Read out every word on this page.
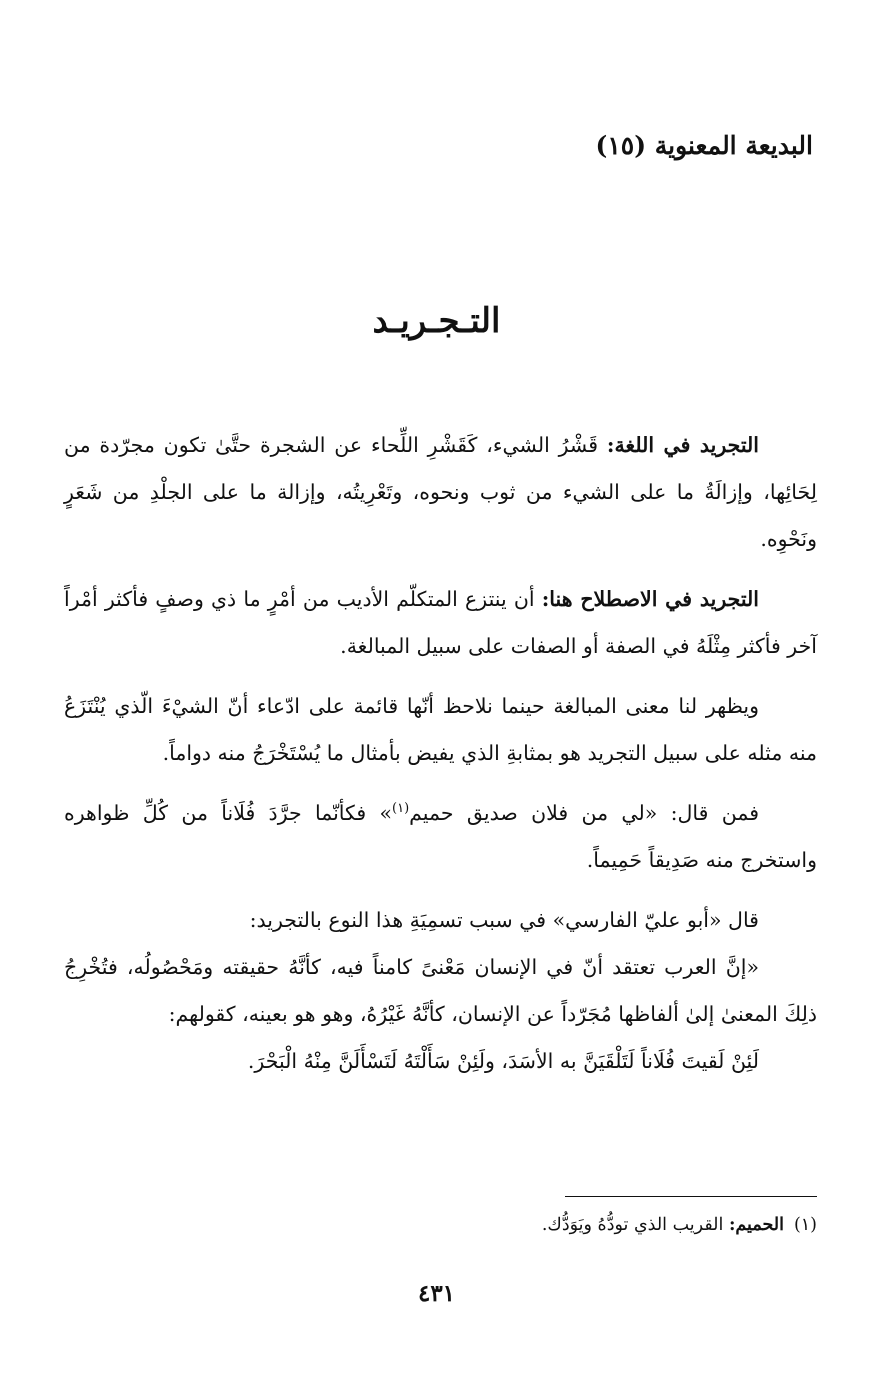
البديعة المعنوية (١٥)
التـجـريـد

التجريد في اللغة: قَشْرُ الشيء، كَقَشْرِ اللِّحاء عن الشجرة حتَّىٰ تكون مجرّدة من لِحَائِها، وإزالَةُ ما على الشيء من ثوب ونحوه، وتَعْرِيتُه، وإزالة ما على الجلْدِ من شَعَرٍ ونَحْوِه.

التجريد في الاصطلاح هنا: أن ينتزع المتكلّم الأديب من أمْرٍ ما ذي وصفٍ فأكثر أمْراً آخر فأكثر مِثْلَهُ في الصفة أو الصفات على سبيل المبالغة.

ويظهر لنا معنى المبالغة حينما نلاحظ أنّها قائمة على ادّعاء أنّ الشيْءَ الّذي يُنْتَزَعُ منه مثله على سبيل التجريد هو بمثابةِ الذي يفيض بأمثال ما يُسْتَخْرَجُ منه دواماً.

فمن قال: «لي من فلان صديق حميم$^{(١)}$» فكأنّما جرَّدَ فُلَاناً من كُلِّ ظواهره واستخرج منه صَدِيقاً حَمِيماً.

قال «أبو عليّ الفارسي» في سبب تسمِيَةِ هذا النوع بالتجريد:

«إنَّ العرب تعتقد أنّ في الإنسان مَعْنىً كامناً فيه، كأنَّهُ حقيقته ومَحْصُولُه، فتُخْرِجُ ذلِكَ المعنىٰ إلىٰ ألفاظها مُجَرّداً عن الإنسان، كأنَّهُ غَيْرُهُ، وهو هو بعينه، كقولهم:

لَئِنْ لَقيتَ فُلَاناً لَتَلْقَيَنَّ به الأسَدَ، ولَئِنْ سَأَلْتَهُ لَتَسْأَلَنَّ مِنْهُ الْبَحْرَ.

(١)الحميم: القريب الذي تودُّهُ ويَوَدُّك.
٤٣١
